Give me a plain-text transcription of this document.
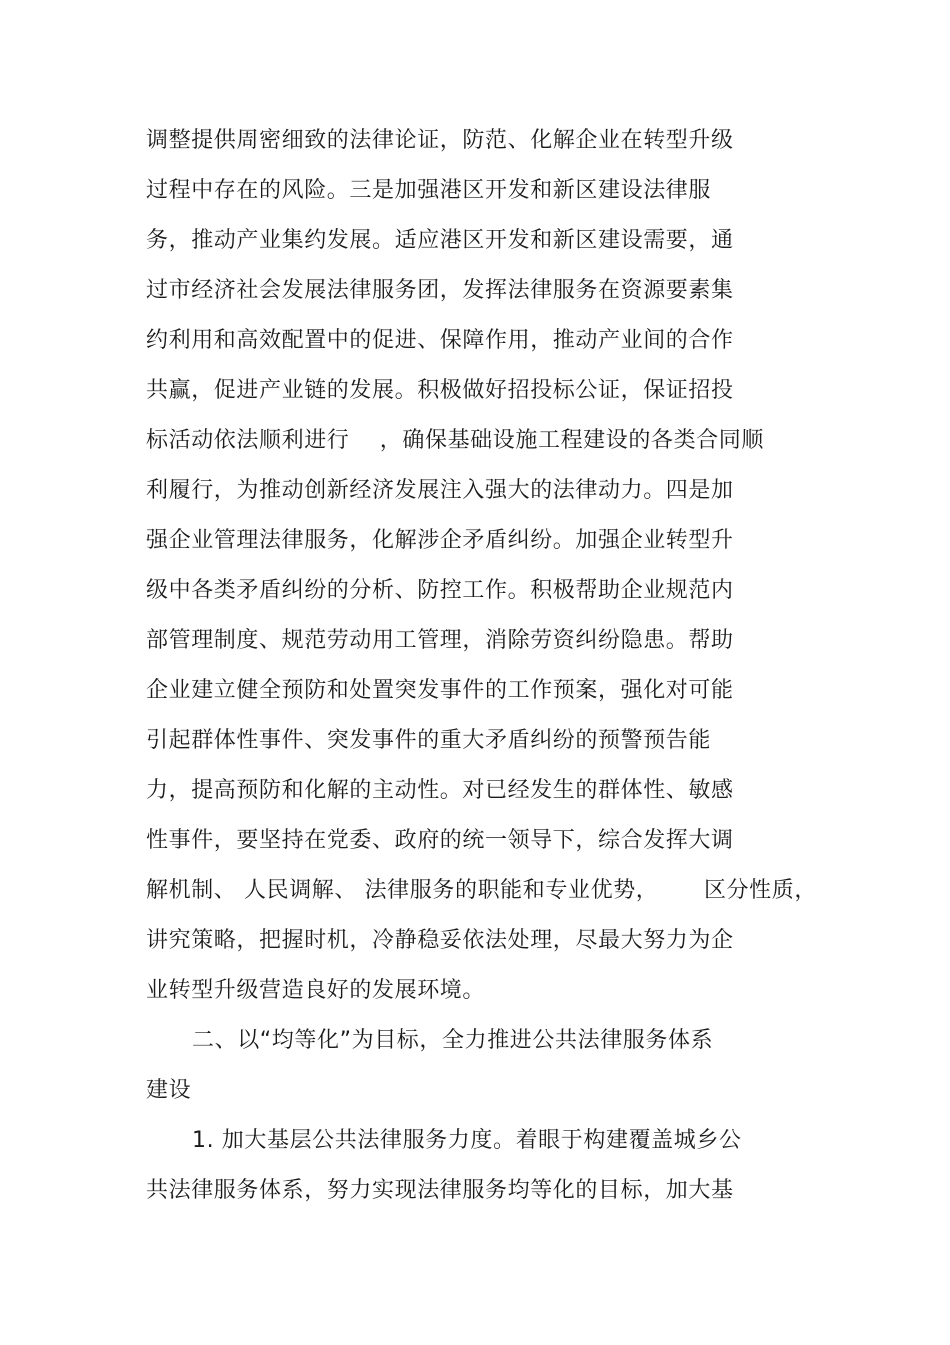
调整提供周密细致的法律论证，防范、化解企业在转型升级
过程中存在的风险。三是加强港区开发和新区建设法律服
务，推动产业集约发展。适应港区开发和新区建设需要，通
过市经济社会发展法律服务团，发挥法律服务在资源要素集
约利用和高效配置中的促进、保障作用，推动产业间的合作
共赢，促进产业链的发展。积极做好招投标公证，保证招投
标活动依法顺利进行    ，确保基础设施工程建设的各类合同顺
利履行，为推动创新经济发展注入强大的法律动力。四是加
强企业管理法律服务，化解涉企矛盾纠纷。加强企业转型升
级中各类矛盾纠纷的分析、防控工作。积极帮助企业规范内
部管理制度、规范劳动用工管理，消除劳资纠纷隐患。帮助
企业建立健全预防和处置突发事件的工作预案，强化对可能
引起群体性事件、突发事件的重大矛盾纠纷的预警预告能
力，提高预防和化解的主动性。对已经发生的群体性、敏感
性事件，要坚持在党委、政府的统一领导下，综合发挥大调
解机制、 人民调解、 法律服务的职能和专业优势，      区分性质，
讲究策略，把握时机，冷静稳妥依法处理，尽最大努力为企
业转型升级营造良好的发展环境。
二、以“均等化”为目标，全力推进公共法律服务体系
建设
1. 加大基层公共法律服务力度。着眼于构建覆盖城乡公
共法律服务体系，努力实现法律服务均等化的目标，加大基
